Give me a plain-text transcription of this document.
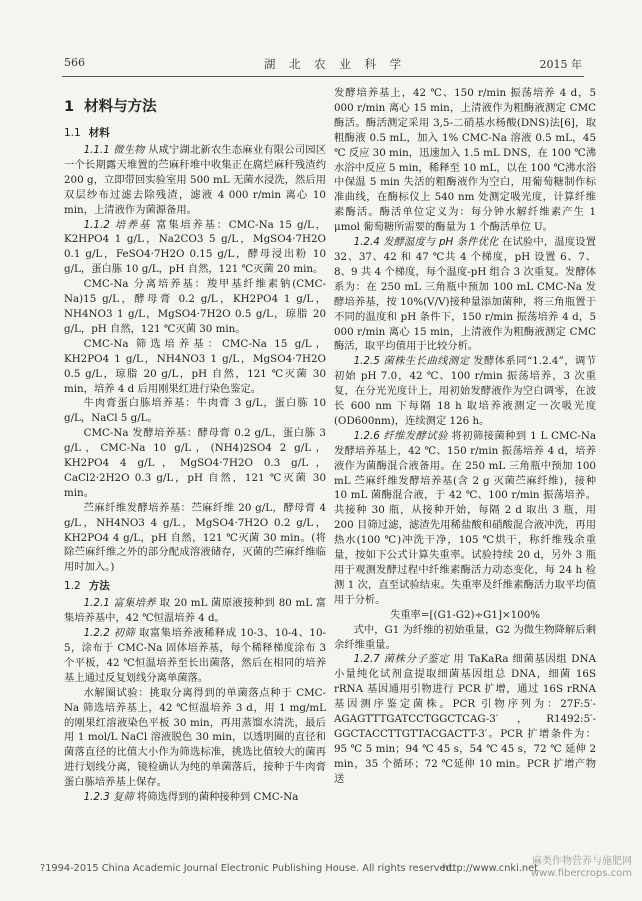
566	湖 北 农 业 科 学	2015 年
1 材料与方法
1.1 材料

1.1.1 微生物 从咸宁湖北新农生态麻业有限公司园区一个长期露天堆置的苎麻秆堆中收集正在腐烂麻秆残渣约 200 g，立即带回实验室用 500 mL 无菌水浸洗，然后用双层纱布过滤去除残渣，滤液 4 000 r/min 离心 10 min，上清液作为菌源备用。

1.1.2 培养基 富集培养基：CMC-Na 15 g/L，K2HPO4 1 g/L，Na2CO3 5 g/L，MgSO4·7H2O 0.1 g/L，FeSO4·7H2O 0.15 g/L，酵母浸出粉 10 g/L，蛋白胨 10 g/L，pH 自然，121 ℃灭菌 20 min。

CMC-Na 分离培养基：羧甲基纤维素钠(CMC-Na)15 g/L，酵母膏 0.2 g/L，KH2PO4 1 g/L，NH4NO3 1 g/L，MgSO4·7H2O 0.5 g/L，琼脂 20 g/L，pH 自然，121 ℃灭菌 30 min。

CMC-Na 筛选培养基：CMC-Na 15 g/L，KH2PO4 1 g/L，NH4NO3 1 g/L，MgSO4·7H2O 0.5 g/L，琼脂 20 g/L，pH 自然，121 ℃灭菌 30 min，培养 4 d 后用刚果红进行染色鉴定。

牛肉膏蛋白胨培养基：牛肉膏 3 g/L，蛋白胨 10 g/L，NaCl 5 g/L。

CMC-Na 发酵培养基：酵母膏 0.2 g/L，蛋白胨 3 g/L，CMC-Na 10 g/L，(NH4)2SO4 2 g/L，KH2PO4 4 g/L，MgSO4·7H2O 0.3 g/L，CaCl2·2H2O 0.3 g/L，pH 自然，121 ℃灭菌 30 min。

苎麻纤维发酵培养基：苎麻纤维 20 g/L，酵母膏 4 g/L，NH4NO3 4 g/L，MgSO4·7H2O 0.2 g/L，KH2PO4 4 g/L，pH 自然，121 ℃灭菌 30 min。(将除苎麻纤维之外的部分配成溶液储存，灭菌的苎麻纤维临用时加入。)

1.2 方法

1.2.1 富集培养 取 20 mL 菌原液接种到 80 mL 富集培养基中，42 ℃恒温培养 4 d。

1.2.2 初筛 取富集培养液稀释成 10-3、10-4、10-5，涂布于 CMC-Na 固体培养基，每个稀释梯度涂布 3 个平板，42 ℃恒温培养至长出菌落，然后在相同的培养基上通过反复划线分离单菌落。

水解圈试验：挑取分离得到的单菌落点种于 CMC-Na 筛选培养基上，42 ℃恒温培养 3 d，用 1 mg/mL 的刚果红溶液染色平板 30 min，再用蒸馏水清洗，最后用 1 mol/L NaCl 溶液脱色 30 min，以透明圈的直径和菌落直径的比值大小作为筛选标准，挑选比值较大的菌再进行划线分离，镜检确认为纯的单菌落后，接种于牛肉膏蛋白胨培养基上保存。

1.2.3 复筛 将筛选得到的菌种接种到 CMC-Na

发酵培养基上，42 ℃、150 r/min 振荡培养 4 d，5 000 r/min 离心 15 min，上清液作为粗酶液测定 CMC 酶活。酶活测定采用 3,5-二硝基水杨酸(DNS)法[6]，取粗酶液 0.5 mL，加入 1% CMC-Na 溶液 0.5 mL，45 ℃ 反应 30 min，迅速加入 1.5 mL DNS，在 100 ℃沸水浴中反应 5 min，稀释至 10 mL，以在 100 ℃沸水浴中保温 5 min 失活的粗酶液作为空白，用葡萄糖制作标准曲线，在酶标仪上 540 nm 处测定吸光度，计算纤维素酶活。酶活单位定义为：每分钟水解纤维素产生 1 μmol 葡萄糖所需要的酶量为 1 个酶活单位 U。

1.2.4 发酵温度与 pH 条件优化 在试验中，温度设置 32、37、42 和 47 ℃共 4 个梯度，pH 设置 6、7、8、9 共 4 个梯度，每个温度-pH 组合 3 次重复。发酵体系为：在 250 mL 三角瓶中预加 100 mL CMC-Na 发酵培养基，按 10%(V/V)接种量添加菌种，将三角瓶置于不同的温度和 pH 条件下，150 r/min 振荡培养 4 d，5 000 r/min 离心 15 min，上清液作为粗酶液测定 CMC 酶活，取平均值用于比较分析。

1.2.5 菌株生长曲线测定 发酵体系同“1.2.4”，调节初始 pH 7.0，42 ℃、100 r/min 振荡培养，3 次重复，在分光光度计上，用初始发酵液作为空白调零，在波长 600 nm 下每隔 18 h 取培养液测定一次吸光度(OD600nm)，连续测定 126 h。

1.2.6 纤维发酵试验 将初筛接菌种到 1 L CMC-Na 发酵培养基上，42 ℃、150 r/min 振荡培养 4 d，培养液作为菌酶混合液备用。在 250 mL 三角瓶中预加 100 mL 苎麻纤维发酵培养基(含 2 g 灭菌苎麻纤维)，接种 10 mL 菌酶混合液，于 42 ℃、100 r/min 振荡培养。共接种 30 瓶，从接种开始，每隔 2 d 取出 3 瓶，用 200 目筛过滤，滤渣先用稀盐酸和硝酸混合液冲洗，再用热水(100 ℃)冲洗干净，105 ℃烘干，称纤维残余重量，按如下公式计算失重率。试验持续 20 d，另外 3 瓶用于观测发酵过程中纤维素酶活力动态变化，每 24 h 检测 1 次，直至试验结束。失重率及纤维素酶活力取平均值用于分析。

失重率=[(G1-G2)÷G1]×100%

式中，G1 为纤维的初始重量，G2 为微生物降解后剩余纤维重量。

1.2.7 菌株分子鉴定 用 TaKaRa 细菌基因组 DNA 小量纯化试剂盒提取细菌基因组总 DNA，细菌 16S rRNA 基因通用引物进行 PCR 扩增，通过 16S rRNA 基因测序鉴定菌株。PCR 引物序列为：27F:5′-AGAGTTTGATCCTGGCTCAG-3′，R1492:5′-GGCTACCTTGTTACGACTT-3′。PCR 扩增条件为：95 ℃ 5 min；94 ℃ 45 s，54 ℃ 45 s，72 ℃ 延伸 2 min，35 个循环；72 ℃延伸 10 min。PCR 扩增产物送

?1994-2015 China Academic Journal Electronic Publishing House. All rights reserved.
http://www.cnki.net
麻类作物营养与施肥网
www.fibercrops.com
